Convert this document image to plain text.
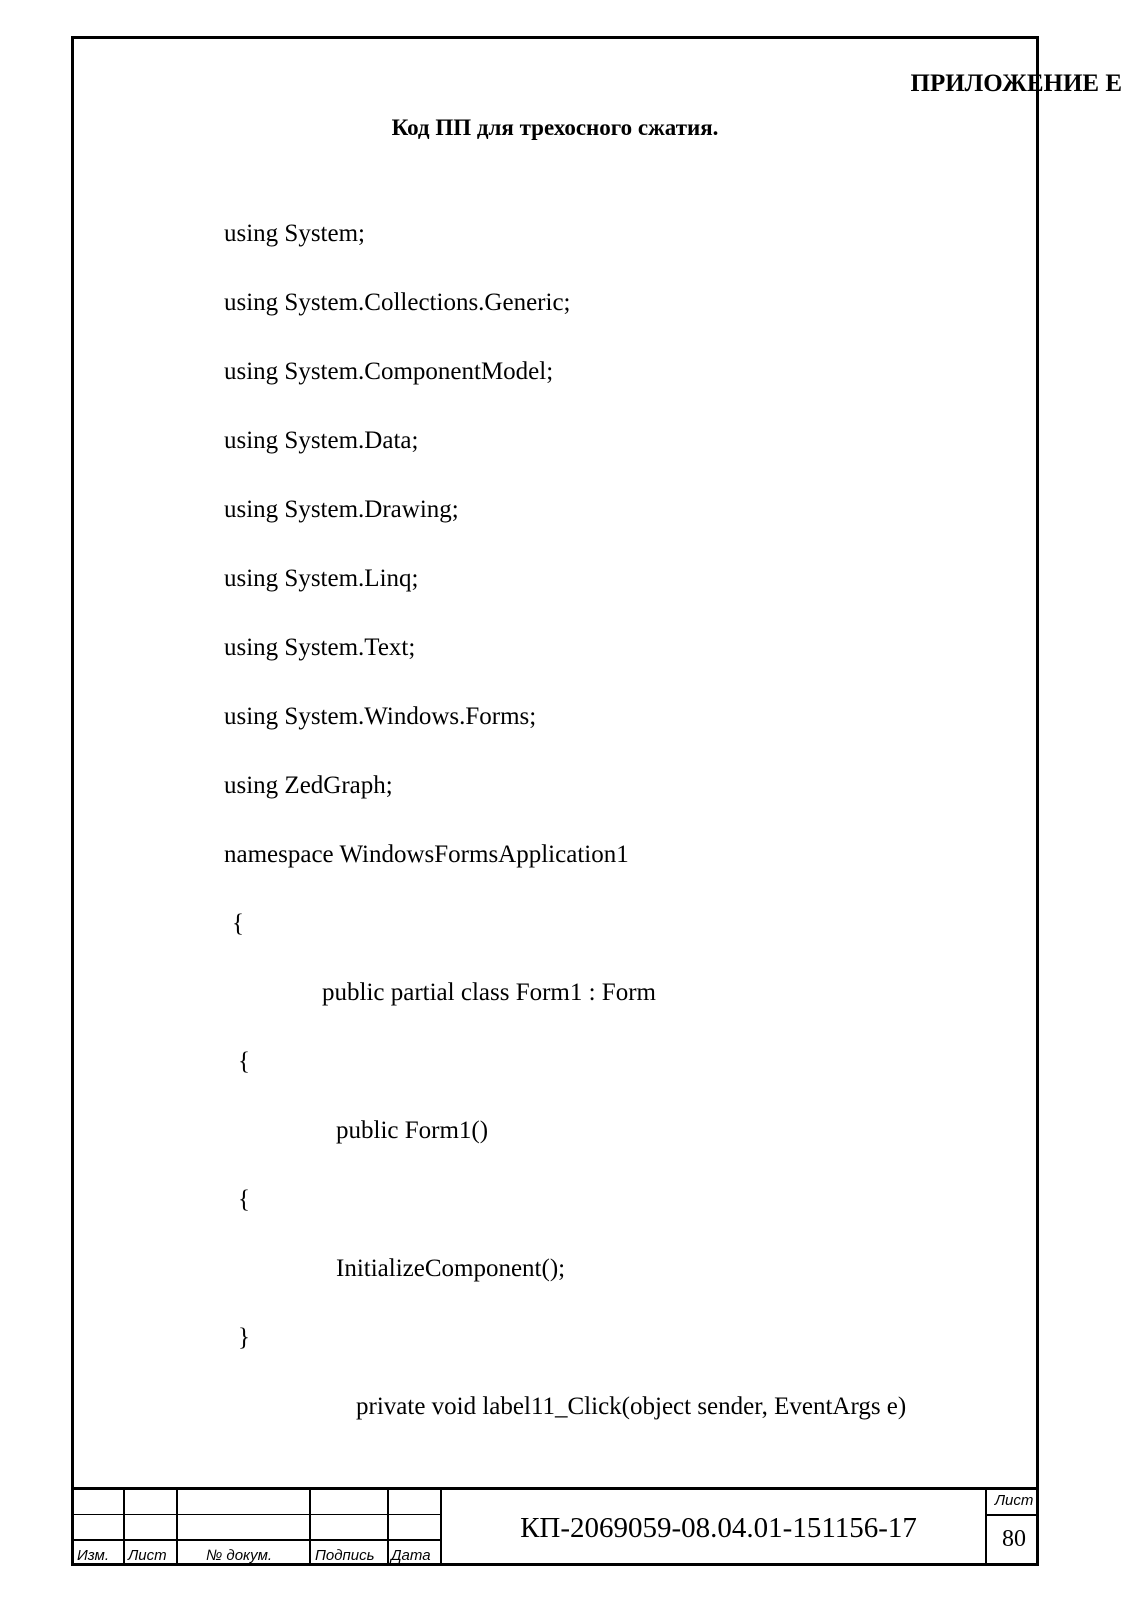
ПРИЛОЖЕНИЕ Е
Код ПП для трехосного сжатия.
using System;
using System.Collections.Generic;
using System.ComponentModel;
using System.Data;
using System.Drawing;
using System.Linq;
using System.Text;
using System.Windows.Forms;
using ZedGraph;
namespace WindowsFormsApplication1
{
public partial class Form1 : Form
{
public Form1()
{
InitializeComponent();
}
private void label11_Click(object sender, EventArgs e)
Изм. Лист	№ докум.	Подпись Дата
КП-2069059-08.04.01-151156-17
Лист
80
